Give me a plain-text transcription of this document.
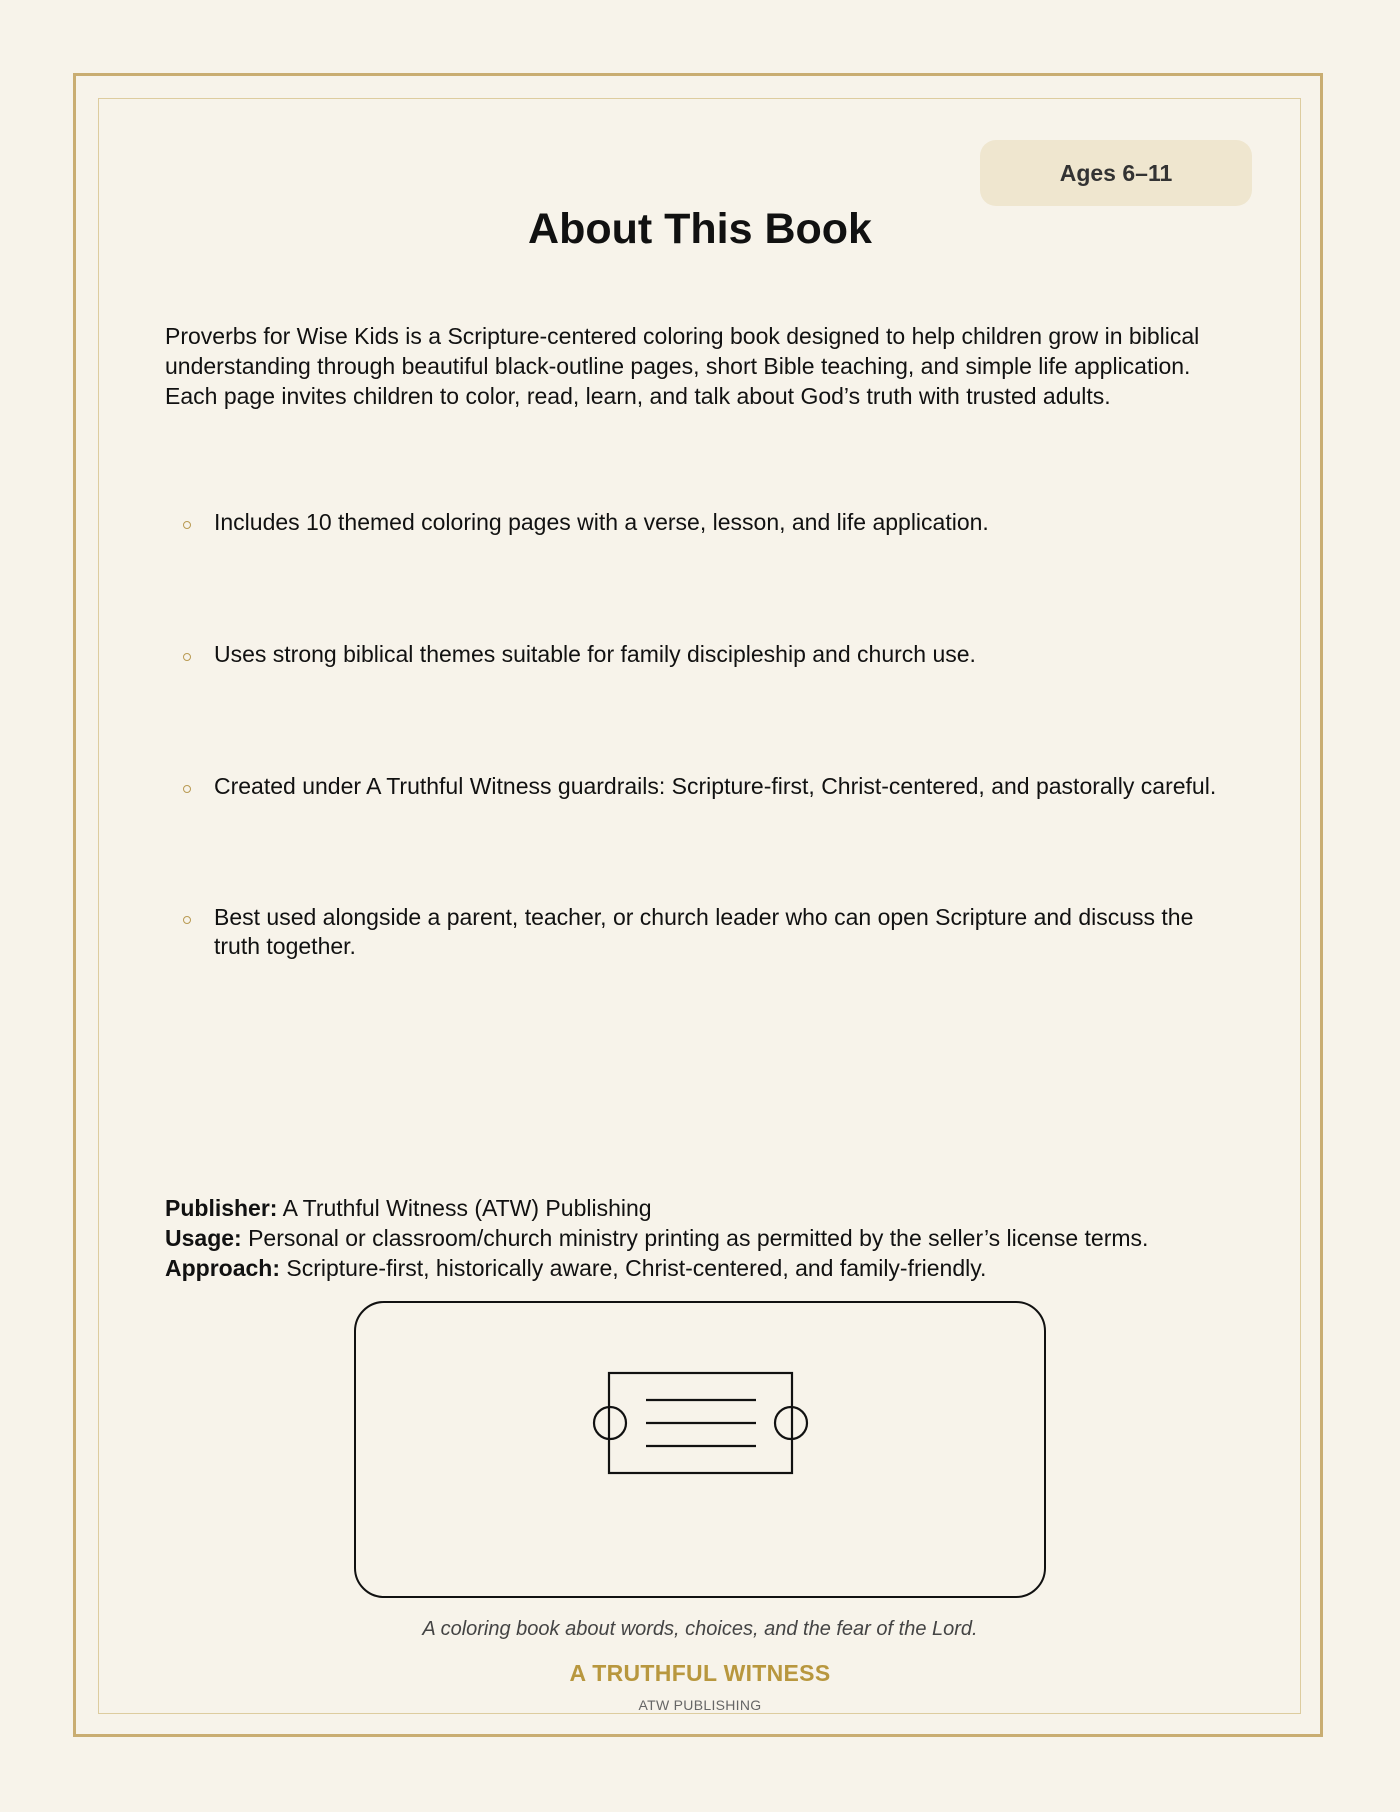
Ages 6–11
About This Book

Proverbs for Wise Kids is a Scripture-centered coloring book designed to help children grow in biblical understanding through beautiful black-outline pages, short Bible teaching, and simple life application. Each page invites children to color, read, learn, and talk about God’s truth with trusted adults.

Includes 10 themed coloring pages with a verse, lesson, and life application.
Uses strong biblical themes suitable for family discipleship and church use.
Created under A Truthful Witness guardrails: Scripture-first, Christ-centered, and pastorally careful.
Best used alongside a parent, teacher, or church leader who can open Scripture and discuss the truth together.
Publisher: A Truthful Witness (ATW) Publishing
Usage: Personal or classroom/church ministry printing as permitted by the seller’s license terms.
Approach: Scripture-first, historically aware, Christ-centered, and family-friendly.
A coloring book about words, choices, and the fear of the Lord.
A TRUTHFUL WITNESS
ATW PUBLISHING
